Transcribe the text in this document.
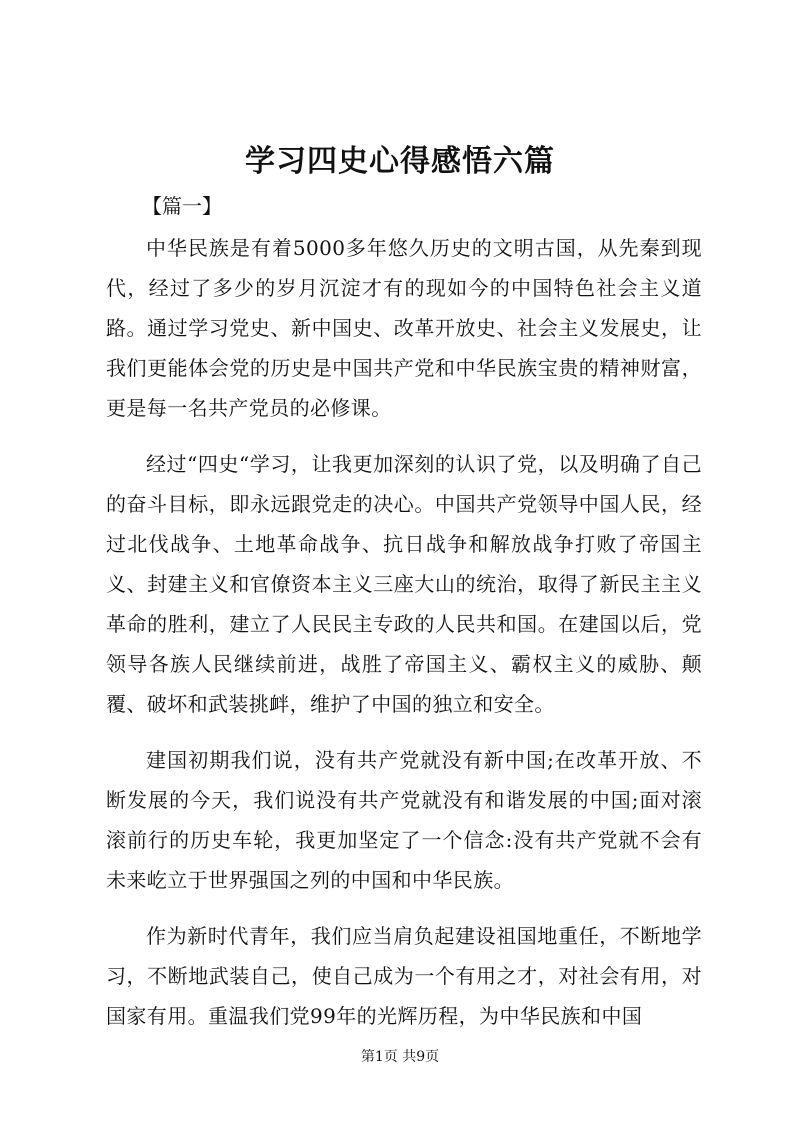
学习四史心得感悟六篇

【篇一】

中华民族是有着5000多年悠久历史的文明古国，从先秦到现代，经过了多少的岁月沉淀才有的现如今的中国特色社会主义道路。通过学习党史、新中国史、改革开放史、社会主义发展史，让我们更能体会党的历史是中国共产党和中华民族宝贵的精神财富，更是每一名共产党员的必修课。

经过“四史“学习，让我更加深刻的认识了党，以及明确了自己的奋斗目标，即永远跟党走的决心。中国共产党领导中国人民，经过北伐战争、土地革命战争、抗日战争和解放战争打败了帝国主义、封建主义和官僚资本主义三座大山的统治，取得了新民主主义革命的胜利，建立了人民民主专政的人民共和国。在建国以后，党领导各族人民继续前进，战胜了帝国主义、霸权主义的威胁、颠覆、破坏和武装挑衅，维护了中国的独立和安全。

建国初期我们说，没有共产党就没有新中国;在改革开放、不断发展的今天，我们说没有共产党就没有和谐发展的中国;面对滚滚前行的历史车轮，我更加坚定了一个信念:没有共产党就不会有未来屹立于世界强国之列的中国和中华民族。

作为新时代青年，我们应当肩负起建设祖国地重任，不断地学习，不断地武装自己，使自己成为一个有用之才，对社会有用，对国家有用。重温我们党99年的光辉历程，为中华民族和中国

第1页 共9页
